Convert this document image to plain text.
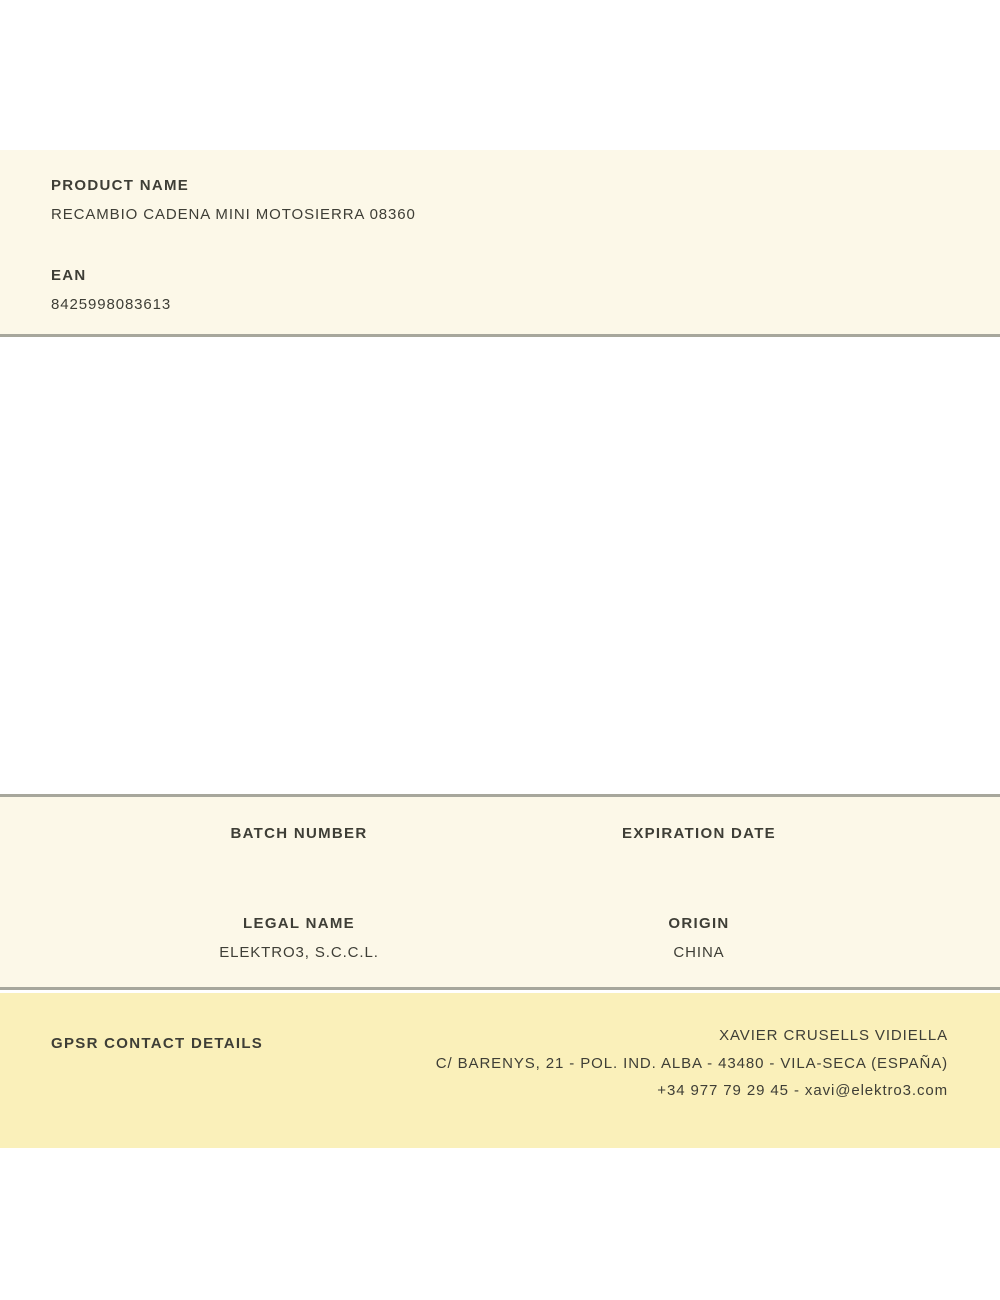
PRODUCT NAME
RECAMBIO CADENA MINI MOTOSIERRA 08360
EAN
8425998083613
BATCH NUMBER
LEGAL NAME
ELEKTRO3, S.C.C.L.
EXPIRATION DATE
ORIGIN
CHINA
GPSR CONTACT DETAILS	XAVIER CRUSELLS VIDIELLA
C/ BARENYS, 21 - POL. IND. ALBA - 43480 - VILA-SECA (ESPAÑA)
+34 977 79 29 45 - xavi@elektro3.com
